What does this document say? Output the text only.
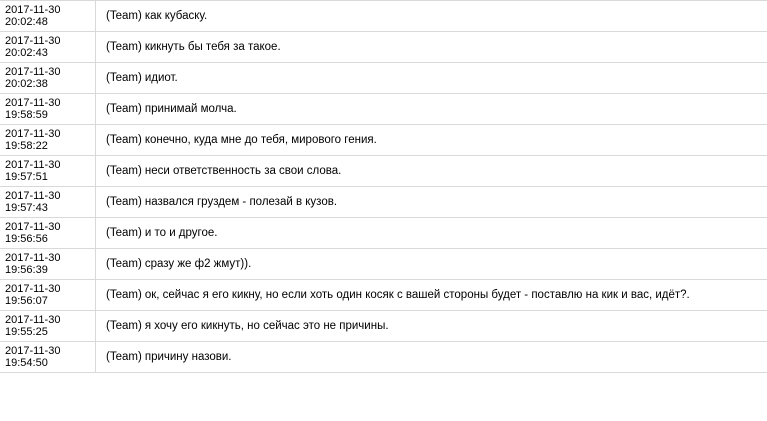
2017-11-30
20:02:48	(Team) как кубаску.

2017-11-30
20:02:43	(Team) кикнуть бы тебя за такое.

2017-11-30
20:02:38	(Team) идиот.

2017-11-30
19:58:59	(Team) принимай молча.

2017-11-30
19:58:22	(Team) конечно, куда мне до тебя, мирового гения.

2017-11-30
19:57:51	(Team) неси ответственность за свои слова.

2017-11-30
19:57:43	(Team) назвался груздем - полезай в кузов.

2017-11-30
19:56:56	(Team) и то и другое.

2017-11-30
19:56:39	(Team) сразу же ф2 жмут)).

2017-11-30
19:56:07	(Team) ок, сейчас я его кикну, но если хоть один косяк с вашей стороны будет - поставлю на кик и вас, идёт?.

2017-11-30
19:55:25	(Team) я хочу его кикнуть, но сейчас это не причины.

2017-11-30
19:54:50	(Team) причину назови.
